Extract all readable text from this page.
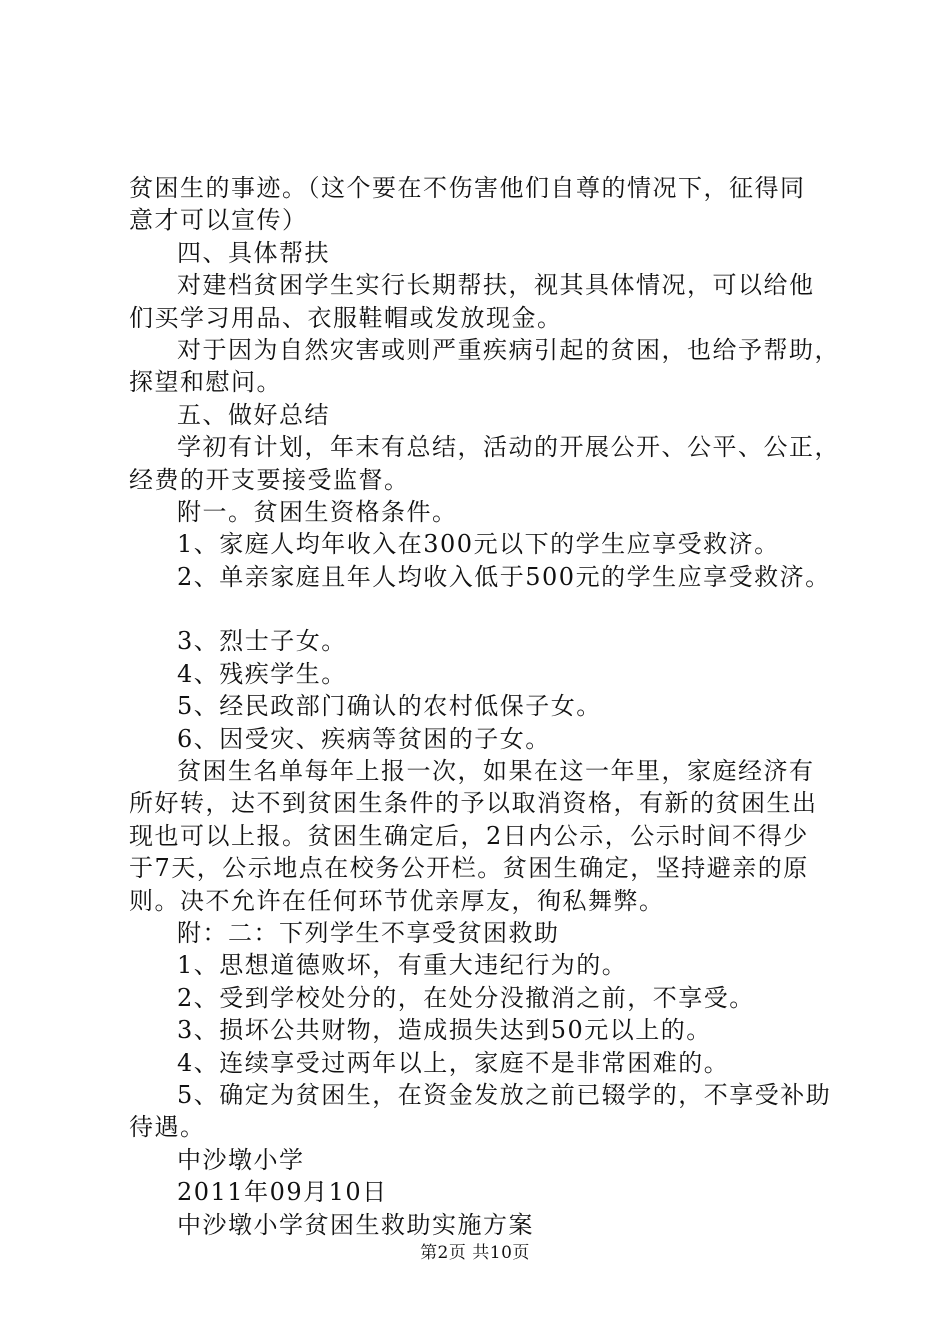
贫困生的事迹。（这个要在不伤害他们自尊的情况下，征得同
意才可以宣传）
四、具体帮扶
对建档贫困学生实行长期帮扶，视其具体情况，可以给他
们买学习用品、衣服鞋帽或发放现金。
对于因为自然灾害或则严重疾病引起的贫困，也给予帮助，
探望和慰问。
五、做好总结
学初有计划，年末有总结，活动的开展公开、公平、公正，
经费的开支要接受监督。
附一。贫困生资格条件。
1、家庭人均年收入在300元以下的学生应享受救济。
2、单亲家庭且年人均收入低于500元的学生应享受救济。
3、烈士子女。
4、残疾学生。
5、经民政部门确认的农村低保子女。
6、因受灾、疾病等贫困的子女。
贫困生名单每年上报一次，如果在这一年里，家庭经济有
所好转，达不到贫困生条件的予以取消资格，有新的贫困生出
现也可以上报。贫困生确定后，2日内公示，公示时间不得少
于7天，公示地点在校务公开栏。贫困生确定，坚持避亲的原
则。决不允许在任何环节优亲厚友，徇私舞弊。
附：二：下列学生不享受贫困救助
1、思想道德败坏，有重大违纪行为的。
2、受到学校处分的，在处分没撤消之前，不享受。
3、损坏公共财物，造成损失达到50元以上的。
4、连续享受过两年以上，家庭不是非常困难的。
5、确定为贫困生，在资金发放之前已辍学的，不享受补助
待遇。
中沙墩小学
2011年09月10日
中沙墩小学贫困生救助实施方案
第2页 共10页
